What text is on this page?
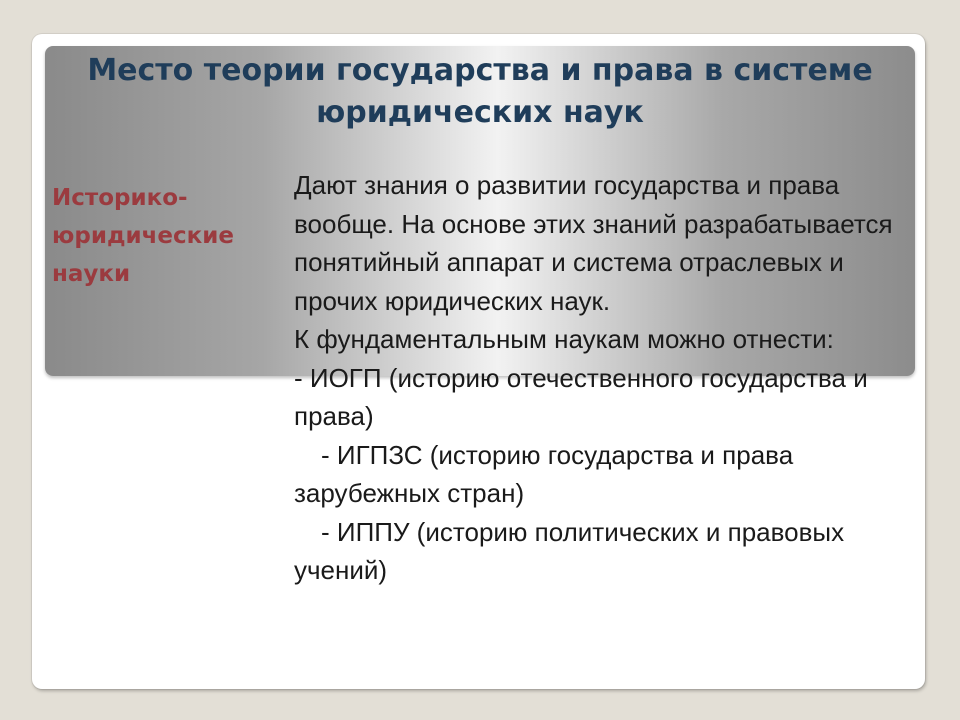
Место теории государства и права в системе юридических наук

Историко-юридические науки

Дают знания о развитии государства и права вообще. На основе этих знаний разрабатывается понятийный аппарат и система отраслевых и прочих юридических наук.

К фундаментальным наукам можно отнести:

- ИОГП (историю отечественного государства и права)

- ИГПЗС (историю государства и права зарубежных стран)

- ИППУ (историю политических и правовых учений)
